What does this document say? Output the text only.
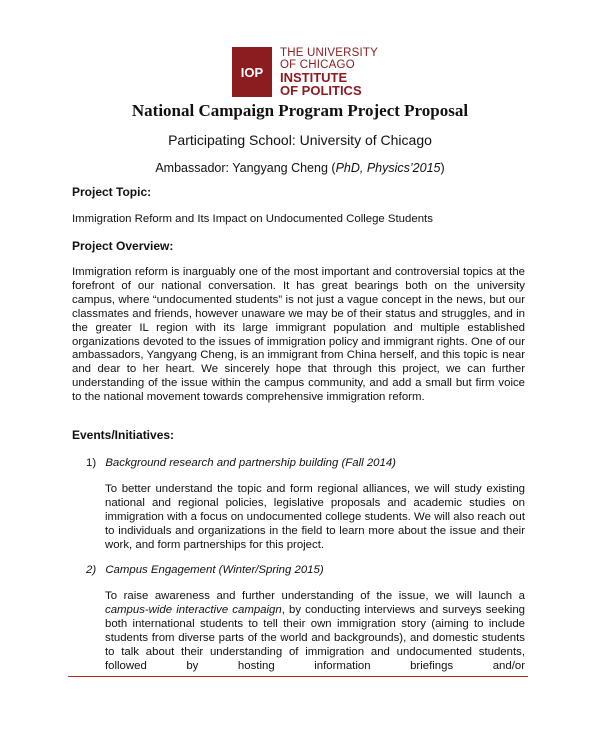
IOP
THE UNIVERSITY
OF CHICAGO
INSTITUTE
OF POLITICS
National Campaign Program Project Proposal
Participating School: University of Chicago
Ambassador: Yangyang Cheng (PhD, Physics’2015)
Project Topic:
Immigration Reform and Its Impact on Undocumented College Students
Project Overview:

Immigration reform is inarguably one of the most important and controversial topics at the forefront of our national conversation. It has great bearings both on the university campus, where “undocumented students” is not just a vague concept in the news, but our classmates and friends, however unaware we may be of their status and struggles, and in the greater IL region with its large immigrant population and multiple established organizations devoted to the issues of immigration policy and immigrant rights. One of our ambassadors, Yangyang Cheng, is an immigrant from China herself, and this topic is near and dear to her heart. We sincerely hope that through this project, we can further understanding of the issue within the campus community, and add a small but firm voice to the national movement towards comprehensive immigration reform.

Events/Initiatives:
1) Background research and partnership building (Fall 2014)

To better understand the topic and form regional alliances, we will study existing national and regional policies, legislative proposals and academic studies on immigration with a focus on undocumented college students. We will also reach out to individuals and organizations in the field to learn more about the issue and their work, and form partnerships for this project.

2) Campus Engagement (Winter/Spring 2015)

To raise awareness and further understanding of the issue, we will launch a campus-wide interactive campaign, by conducting interviews and surveys seeking both international students to tell their own immigration story (aiming to include students from diverse parts of the world and backgrounds), and domestic students to talk about their understanding of immigration and undocumented students, followed by hosting information briefings and/or
